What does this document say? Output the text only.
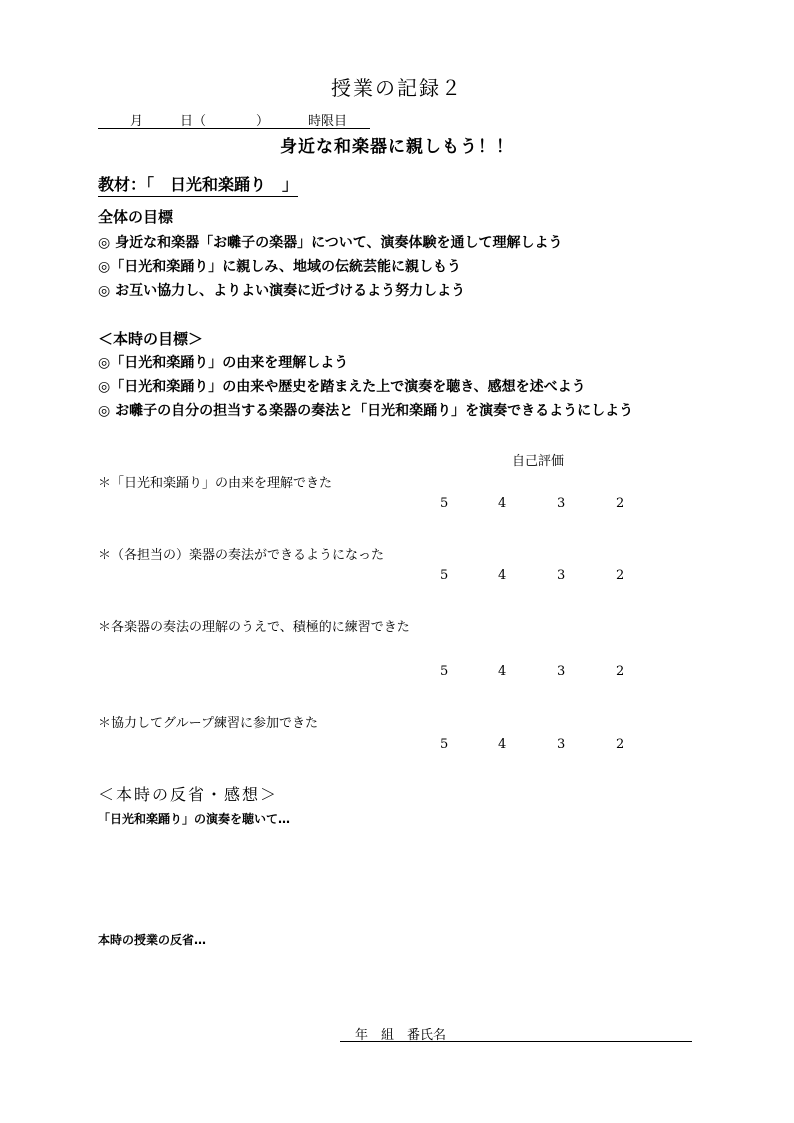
授業の記録２
月	日（	）	時限目
身近な和楽器に親しもう！！
教材：「　日光和楽踊り　」
全体の目標
◎ 身近な和楽器「お囃子の楽器」について、演奏体験を通して理解しよう
◎「日光和楽踊り」に親しみ、地域の伝統芸能に親しもう
◎ お互い協力し、よりよい演奏に近づけるよう努力しよう
＜本時の目標＞
◎「日光和楽踊り」の由来を理解しよう
◎「日光和楽踊り」の由来や歴史を踏まえた上で演奏を聴き、感想を述べよう
◎ お囃子の自分の担当する楽器の奏法と「日光和楽踊り」を演奏できるようにしよう
自己評価
＊「日光和楽踊り」の由来を理解できた
5	4	3	2
＊（各担当の）楽器の奏法ができるようになった
5	4	3	2
＊各楽器の奏法の理解のうえで、積極的に練習できた
5	4	3	2
＊協力してグループ練習に参加できた
5	4	3	2
＜本時の反省・感想＞
「日光和楽踊り」の演奏を聴いて…
本時の授業の反省…
年　組　番氏名
